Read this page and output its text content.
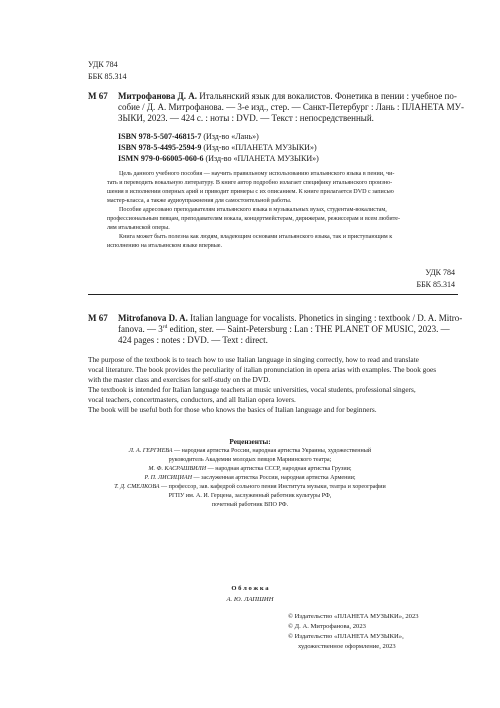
УДК 784
ББК 85.314
М 67 Митрофанова Д. А. Итальянский язык для вокалистов. Фонетика в пении : учебное по-
собие / Д. А. Митрофанова. — 3-е изд., стер. — Санкт-Петербург : Лань : ПЛАНЕТА МУ-
ЗЫКИ, 2023. — 424 с. : ноты : DVD. — Текст : непосредственный.
ISBN 978-5-507-46815-7 (Изд-во «Лань»)
ISBN 978-5-4495-2594-9 (Изд-во «ПЛАНЕТА МУЗЫКИ»)
ISMN 979-0-66005-060-6 (Изд-во «ПЛАНЕТА МУЗЫКИ»)
Цель данного учебного пособия — научить правильному использованию итальянского языка в пении, чи-
тать и переводить вокальную литературу. В книге автор подробно излагает специфику итальянского произно-
шения в исполнении оперных арий и приводит примеры с их описанием. К книге прилагается DVD с записью
мастер-класса, а также аудиоупражнения для самостоятельной работы.
Пособие адресовано преподавателям итальянского языка в музыкальных вузах, студентам-вокалистам,
профессиональным певцам, преподавателям вокала, концертмейстерам, дирижерам, режиссерам и всем любите-
лям итальянской оперы.
Книга может быть полезна как людям, владеющим основами итальянского языка, так и приступающим к
исполнению на итальянском языке впервые.
УДК 784
ББК 85.314
М 67 Mitrofanova D. A. Italian language for vocalists. Phonetics in singing : textbook / D. A. Mitro-
fanova. — 3rd edition, ster. — Saint-Petersburg : Lan : THE PLANET OF MUSIC, 2023. —
424 pages : notes : DVD. — Text : direct.
The purpose of the textbook is to teach how to use Italian language in singing correctly, how to read and translate
vocal literature. The book provides the peculiarity of italian pronunciation in opera arias with examples. The book goes
with the master class and exercises for self-study on the DVD.
The textbook is intended for Italian language teachers at music universities, vocal students, professional singers,
vocal teachers, concertmasters, conductors, and all Italian opera lovers.
The book will be useful both for those who knows the basics of Italian language and for beginners.
Рецензенты:
Л. А. ГЕРГИЕВА — народная артистка России, народная артистка Украины, художественный
руководитель Академии молодых певцов Мариинского театра;
М. Ф. КАСРАШВИЛИ — народная артистка СССР, народная артистка Грузии;
Р. П. ЛИСИЦИАН — заслуженная артистка России, народная артистка Армении;
Т. Д. СМЕЛКОВА — профессор, зав. кафедрой сольного пения Института музыки, театра и хореографии
РГПУ им. А. И. Герцена, заслуженный работник культуры РФ,
почетный работник ВПО РФ.
О б л о ж к а
А. Ю. ЛАПШИН
© Издательство «ПЛАНЕТА МУЗЫКИ», 2023
© Д. А. Митрофанова, 2023
© Издательство «ПЛАНЕТА МУЗЫКИ»,
художественное оформление, 2023
